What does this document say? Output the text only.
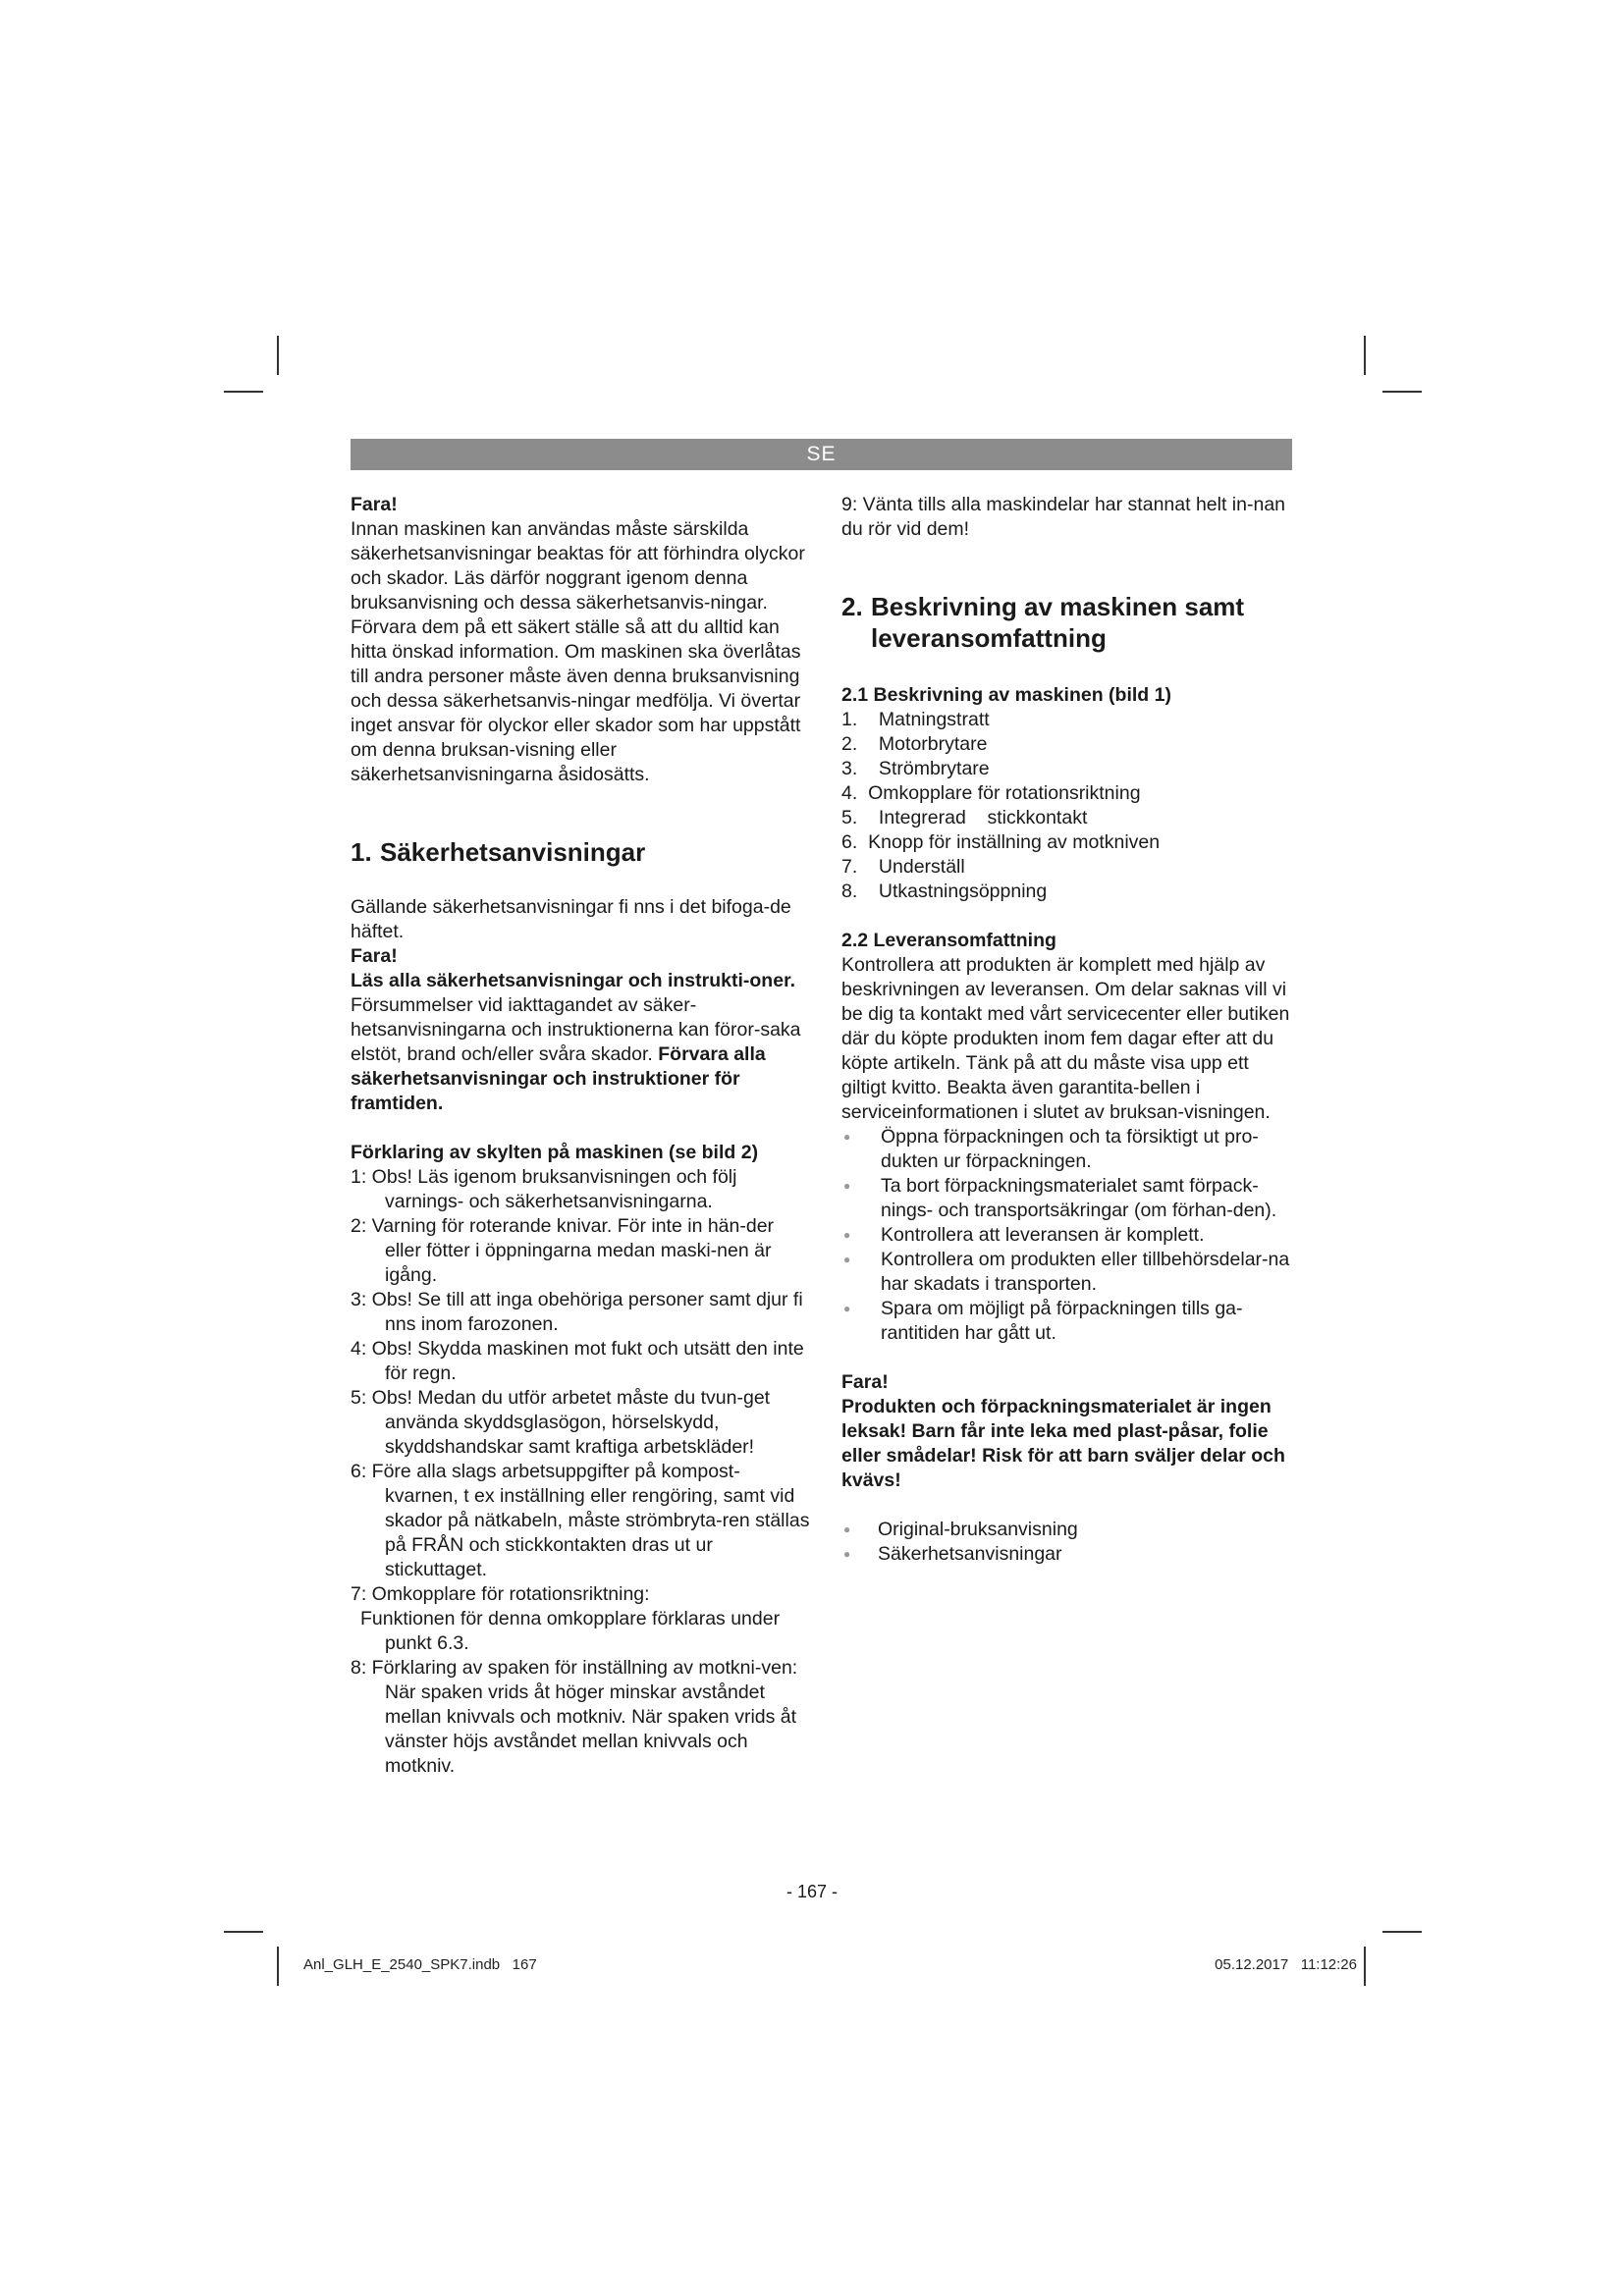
SE

Fara!

Innan maskinen kan användas måste särskilda säkerhetsanvisningar beaktas för att förhindra olyckor och skador. Läs därför noggrant igenom denna bruksanvisning och dessa säkerhetsanvis-ningar. Förvara dem på ett säkert ställe så att du alltid kan hitta önskad information. Om maskinen ska överlåtas till andra personer måste även denna bruksanvisning och dessa säkerhetsanvis-ningar medfölja. Vi övertar inget ansvar för olyckor eller skador som har uppstått om denna bruksan-visning eller säkerhetsanvisningarna åsidosätts.

1. Säkerhetsanvisningar

Gällande säkerhetsanvisningar fi nns i det bifoga-de häftet.

Fara!

Läs alla säkerhetsanvisningar och instrukti-oner. Försummelser vid iakttagandet av säker-hetsanvisningarna och instruktionerna kan föror-saka elstöt, brand och/eller svåra skador. Förvara alla säkerhetsanvisningar och instruktioner för framtiden.

Förklaring av skylten på maskinen (se bild 2)

1: Obs! Läs igenom bruksanvisningen och följ varnings- och säkerhetsanvisningarna.
2: Varning för roterande knivar. För inte in hän-der eller fötter i öppningarna medan maski-nen är igång.
3: Obs! Se till att inga obehöriga personer samt djur fi nns inom farozonen.
4: Obs! Skydda maskinen mot fukt och utsätt den inte för regn.
5: Obs! Medan du utför arbetet måste du tvun-get använda skyddsglasögon, hörselskydd, skyddshandskar samt kraftiga arbetskläder!
6: Före alla slags arbetsuppgifter på kompost-kvarnen, t ex inställning eller rengöring, samt vid skador på nätkabeln, måste strömbryta-ren ställas på FRÅN och stickkontakten dras ut ur stickuttaget.
7: Omkopplare för rotationsriktning:

Funktionen för denna omkopplare förklaras under punkt 6.3.

8: Förklaring av spaken för inställning av motkni-ven:

När spaken vrids åt höger minskar avståndet mellan knivvals och motkniv. När spaken vrids åt vänster höjs avståndet mellan knivvals och motkniv.

9: Vänta tills alla maskindelar har stannat helt in-nan du rör vid dem!

2. Beskrivning av maskinen samt leveransomfattning

2.1 Beskrivning av maskinen (bild 1)

1.    Matningstratt
2.    Motorbrytare
3.    Strömbrytare
4.  Omkopplare för rotationsriktning
5.    Integrerad    stickkontakt
6.  Knopp för inställning av motkniven
7.    Underställ
8.    Utkastningsöppning

2.2 Leveransomfattning

Kontrollera att produkten är komplett med hjälp av beskrivningen av leveransen. Om delar saknas vill vi be dig ta kontakt med vårt servicecenter eller butiken där du köpte produkten inom fem dagar efter att du köpte artikeln. Tänk på att du måste visa upp ett giltigt kvitto. Beakta även garantita-bellen i serviceinformationen i slutet av bruksan-visningen.

● Öppna förpackningen och ta försiktigt ut pro-dukten ur förpackningen.
● Ta bort förpackningsmaterialet samt förpack-nings- och transportsäkringar (om förhan-den).
● Kontrollera att leveransen är komplett.
● Kontrollera om produkten eller tillbehörsdelar-na har skadats i transporten.
● Spara om möjligt på förpackningen tills ga-rantitiden har gått ut.

Fara!

Produkten och förpackningsmaterialet är ingen leksak! Barn får inte leka med plast-påsar, folie eller smådelar! Risk för att barn sväljer delar och kvävs!

● Original-bruksanvisning
● Säkerhetsanvisningar
- 167 -
Anl_GLH_E_2540_SPK7.indb   167	05.12.2017   11:12:26
